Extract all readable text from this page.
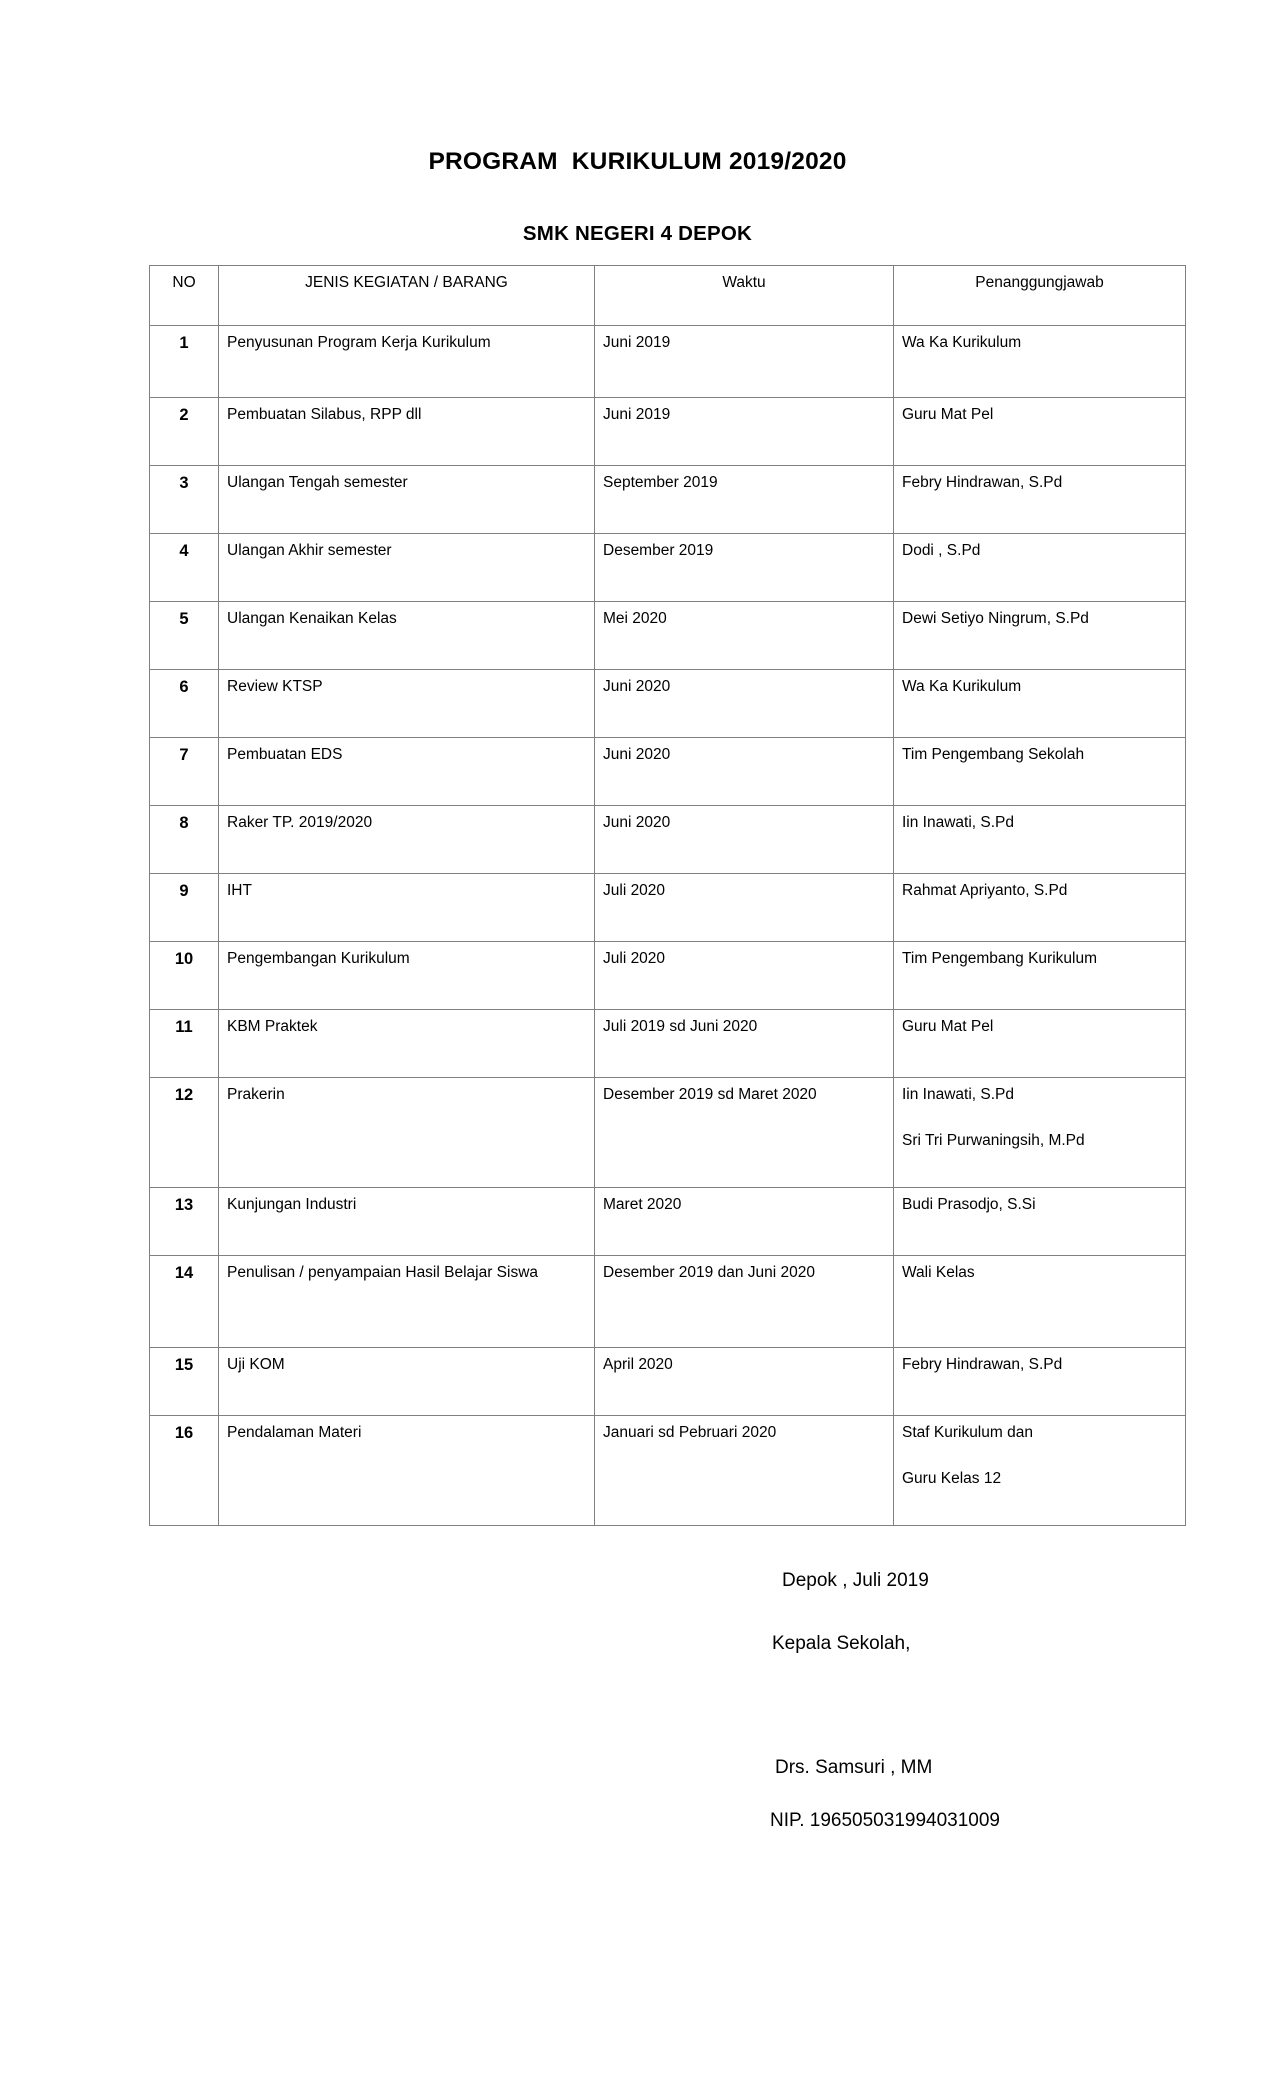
PROGRAM  KURIKULUM 2019/2020
SMK NEGERI 4 DEPOK
NO	JENIS KEGIATAN / BARANG	Waktu	Penanggungjawab

1	Penyusunan Program Kerja Kurikulum	Juni 2019	Wa Ka Kurikulum

2	Pembuatan Silabus, RPP dll	Juni 2019	Guru Mat Pel

3	Ulangan Tengah semester	September 2019	Febry Hindrawan, S.Pd

4	Ulangan Akhir semester	Desember 2019	Dodi , S.Pd

5	Ulangan Kenaikan Kelas	Mei 2020	Dewi Setiyo Ningrum, S.Pd

6	Review KTSP	Juni 2020	Wa Ka Kurikulum

7	Pembuatan EDS	Juni 2020	Tim Pengembang Sekolah

8	Raker TP. 2019/2020	Juni 2020	Iin Inawati, S.Pd

9	IHT	Juli 2020	Rahmat Apriyanto, S.Pd

10	Pengembangan Kurikulum	Juli 2020	Tim Pengembang Kurikulum

11	KBM Praktek	Juli 2019 sd Juni 2020	Guru Mat Pel

12	Prakerin	Desember 2019 sd Maret 2020	Iin Inawati, S.Pd
Sri Tri Purwaningsih, M.Pd

13	Kunjungan Industri	Maret 2020	Budi Prasodjo, S.Si

14	Penulisan / penyampaian Hasil Belajar Siswa	Desember 2019 dan Juni 2020	Wali Kelas

15	Uji KOM	April 2020	Febry Hindrawan, S.Pd

16	Pendalaman Materi	Januari sd Pebruari 2020	Staf Kurikulum dan
Guru Kelas 12
Depok , Juli 2019
Kepala Sekolah,
Drs. Samsuri , MM
NIP. 196505031994031009
